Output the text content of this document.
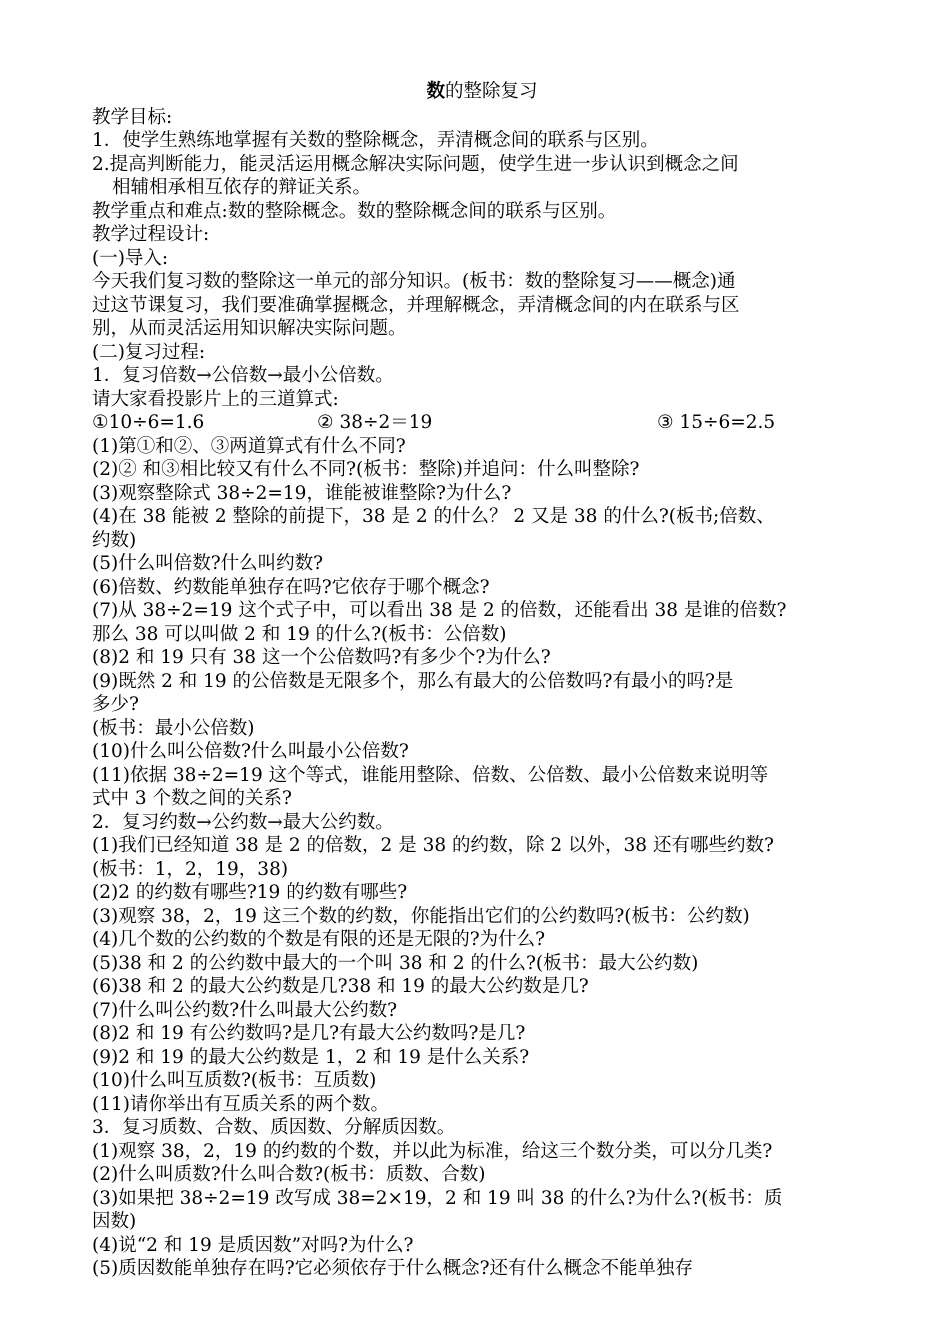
数的整除复习
教学目标:
1．使学生熟练地掌握有关数的整除概念，弄清概念间的联系与区别。
2.提高判断能力，能灵活运用概念解决实际问题，使学生进一步认识到概念之间
相辅相承相互依存的辩证关系。
教学重点和难点:数的整除概念。数的整除概念间的联系与区别。
教学过程设计:
(一)导入:
今天我们复习数的整除这一单元的部分知识。(板书：数的整除复习——概念)通
过这节课复习，我们要准确掌握概念，并理解概念，弄清概念间的内在联系与区
别，从而灵活运用知识解决实际问题。
(二)复习过程:
1．复习倍数→公倍数→最小公倍数。
请大家看投影片上的三道算式:
①10÷6=1.6	② 38÷2＝19	③ 15÷6=2.5
(1)第①和②、③两道算式有什么不同?
(2)② 和③相比较又有什么不同?(板书：整除)并追问：什么叫整除?
(3)观察整除式 38÷2=19，谁能被谁整除?为什么?
(4)在 38 能被 2 整除的前提下，38 是 2 的什么？ 2 又是 38 的什么?(板书;倍数、
约数)
(5)什么叫倍数?什么叫约数?
(6)倍数、约数能单独存在吗?它依存于哪个概念?
(7)从 38÷2=19 这个式子中，可以看出 38 是 2 的倍数，还能看出 38 是谁的倍数?
那么 38 可以叫做 2 和 19 的什么?(板书：公倍数)
(8)2 和 19 只有 38 这一个公倍数吗?有多少个?为什么?
(9)既然 2 和 19 的公倍数是无限多个，那么有最大的公倍数吗?有最小的吗?是
多少?
(板书：最小公倍数)
(10)什么叫公倍数?什么叫最小公倍数?
(11)依据 38÷2=19 这个等式，谁能用整除、倍数、公倍数、最小公倍数来说明等
式中 3 个数之间的关系?
2．复习约数→公约数→最大公约数。
(1)我们已经知道 38 是 2 的倍数，2 是 38 的约数，除 2 以外，38 还有哪些约数?
(板书：1，2，19，38)
(2)2 的约数有哪些?19 的约数有哪些?
(3)观察 38，2，19 这三个数的约数，你能指出它们的公约数吗?(板书：公约数)
(4)几个数的公约数的个数是有限的还是无限的?为什么?
(5)38 和 2 的公约数中最大的一个叫 38 和 2 的什么?(板书：最大公约数)
(6)38 和 2 的最大公约数是几?38 和 19 的最大公约数是几?
(7)什么叫公约数?什么叫最大公约数?
(8)2 和 19 有公约数吗?是几?有最大公约数吗?是几?
(9)2 和 19 的最大公约数是 1，2 和 19 是什么关系?
(10)什么叫互质数?(板书：互质数)
(11)请你举出有互质关系的两个数。
3．复习质数、合数、质因数、分解质因数。
(1)观察 38，2，19 的约数的个数，并以此为标准，给这三个数分类，可以分几类?
(2)什么叫质数?什么叫合数?(板书：质数、合数)
(3)如果把 38÷2=19 改写成 38=2×19，2 和 19 叫 38 的什么?为什么?(板书：质
因数)
(4)说“2 和 19 是质因数”对吗?为什么?
(5)质因数能单独存在吗?它必须依存于什么概念?还有什么概念不能单独存
